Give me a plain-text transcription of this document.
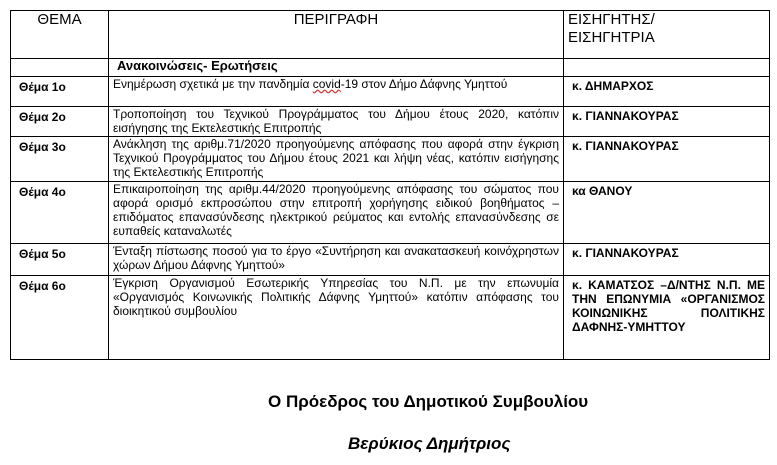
ΘΕΜΑ	ΠΕΡΙΓΡΑΦΗ	ΕΙΣΗΓΗΤΗΣ/
ΕΙΣΗΓΗΤΡΙΑ

	Ανακοινώσεις- Ερωτήσεις	
Θέμα 1ο	Ενημέρωση σχετικά με την πανδημία covid-19 στον Δήμο Δάφνης Υμηττού	κ. ΔΗΜΑΡΧΟΣ
Θέμα 2ο	Τροποποίηση του Τεχνικού Προγράμματος του Δήμου έτους 2020, κατόπιν εισήγησης της Εκτελεστικής Επιτροπής	κ. ΓΙΑΝΝΑΚΟΥΡΑΣ
Θέμα 3ο	Ανάκληση της αριθμ.71/2020 προηγούμενης απόφασης που αφορά στην έγκριση Τεχνικού Προγράμματος του Δήμου έτους 2021 και λήψη νέας, κατόπιν εισήγησης της Εκτελεστικής Επιτροπής	κ. ΓΙΑΝΝΑΚΟΥΡΑΣ
Θέμα 4ο	Επικαιροποίηση της αριθμ.44/2020 προηγούμενης απόφασης του σώματος που αφορά ορισμό εκπροσώπου στην επιτροπή χορήγησης ειδικού βοηθήματος – επιδόματος επανασύνδεσης ηλεκτρικού ρεύματος και εντολής επανασύνδεσης σε ευπαθείς καταναλωτές	κα ΘΑΝΟΥ
Θέμα 5ο	Ένταξη πίστωσης ποσού για το έργο «Συντήρηση και ανακατασκευή κοινόχρηστων χώρων Δήμου Δάφνης Υμηττού»	κ. ΓΙΑΝΝΑΚΟΥΡΑΣ
Θέμα 6ο	Έγκριση Οργανισμού Εσωτερικής Υπηρεσίας του Ν.Π. με την επωνυμία «Οργανισμός Κοινωνικής Πολιτικής Δάφνης Υμηττού» κατόπιν απόφασης του διοικητικού συμβουλίου	κ. ΚΑΜΑΤΣΟΣ –Δ/ΝΤΗΣ Ν.Π. ΜΕ ΤΗΝ ΕΠΩΝΥΜΙΑ «ΟΡΓΑΝΙΣΜΟΣ ΚΟΙΝΩΝΙΚΗΣ ΠΟΛΙΤΙΚΗΣ ΔΑΦΝΗΣ-ΥΜΗΤΤΟΥ
Ο Πρόεδρος του Δημοτικού Συμβουλίου
Βερύκιος Δημήτριος
